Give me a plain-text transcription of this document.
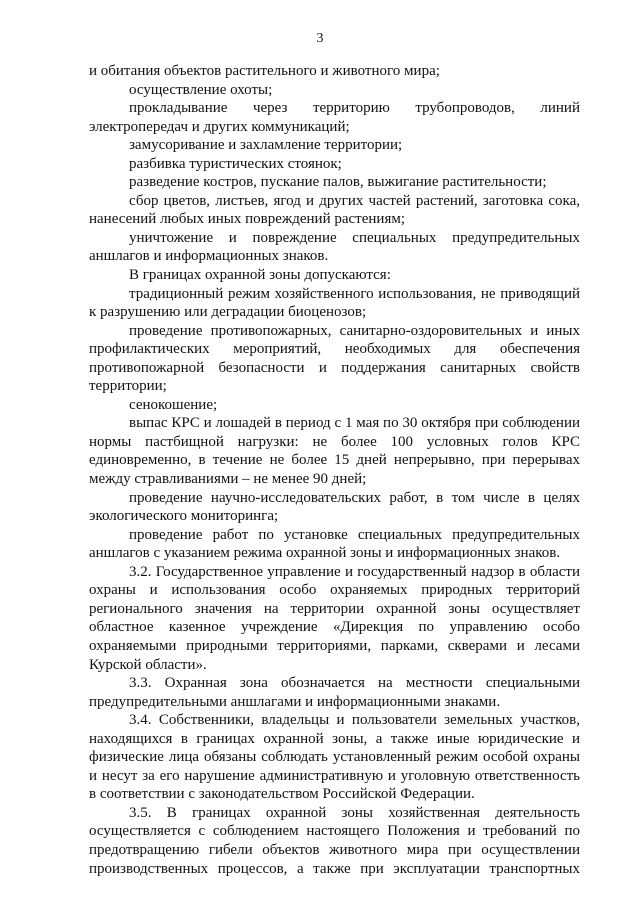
3

и обитания объектов растительного и животного мира;

осуществление охоты;

прокладывание через территорию трубопроводов, линий электропередач и других коммуникаций;

замусоривание и захламление территории;

разбивка туристических стоянок;

разведение костров, пускание палов, выжигание растительности;

сбор цветов, листьев, ягод и других частей растений, заготовка сока, нанесений любых иных повреждений растениям;

уничтожение и повреждение специальных предупредительных аншлагов и информационных знаков.

В границах охранной зоны допускаются:

традиционный режим хозяйственного использования, не приводящий к разрушению или деградации биоценозов;

проведение противопожарных, санитарно-оздоровительных и иных профилактических мероприятий, необходимых для обеспечения противопожарной безопасности и поддержания санитарных свойств территории;

сенокошение;

выпас КРС и лошадей в период с 1 мая по 30 октября при соблюдении нормы пастбищной нагрузки: не более 100 условных голов КРС единовременно, в течение не более 15 дней непрерывно, при перерывах между стравливаниями – не менее 90 дней;

проведение научно-исследовательских работ, в том числе в целях экологического мониторинга;

проведение работ по установке специальных предупредительных аншлагов с указанием режима охранной зоны и информационных знаков.

3.2. Государственное управление и государственный надзор в области охраны и использования особо охраняемых природных территорий регионального значения на территории охранной зоны осуществляет областное казенное учреждение «Дирекция по управлению особо охраняемыми природными территориями, парками, скверами и лесами Курской области».

3.3. Охранная зона обозначается на местности специальными предупредительными аншлагами и информационными знаками.

3.4. Собственники, владельцы и пользователи земельных участков, находящихся в границах охранной зоны, а также иные юридические и физические лица обязаны соблюдать установленный режим особой охраны и несут за его нарушение административную и уголовную ответственность в соответствии с законодательством Российской Федерации.

3.5. В границах охранной зоны хозяйственная деятельность осуществляется с соблюдением настоящего Положения и требований по предотвращению гибели объектов животного мира при осуществлении производственных процессов, а также при эксплуатации транспортных
